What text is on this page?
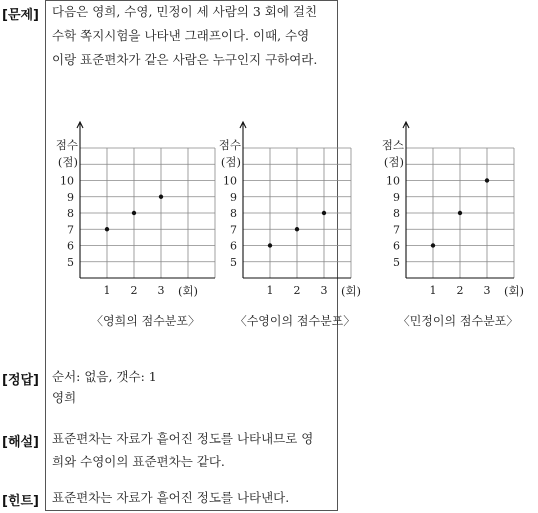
[문제] 다음은 영희, 수영, 민정이 세 사람의 3 회에 걸친
수학 쪽지시험을 나타낸 그래프이다. 이때, 수영
이랑 표준편차가 같은 사람은 누구인지 구하여라.
5
6
7
8
9
10
1 2 3
점수
(점)
(회)
〈영희의 점수분포〉
5
6
7
8
9
10
1 2 3
점수
(점)
(회)
〈수영이의 점수분포〉
5
6
7
8
9
10
1 2 3
점스
(점)
(회)
〈민정이의 점수분포〉
[정답] 순서: 없음, 갯수: 1
영희
[해설] 표준편차는 자료가 흩어진 정도를 나타내므로 영
희와 수영이의 표준편차는 같다.
[힌트] 표준편차는 자료가 흩어진 정도를 나타낸다.
